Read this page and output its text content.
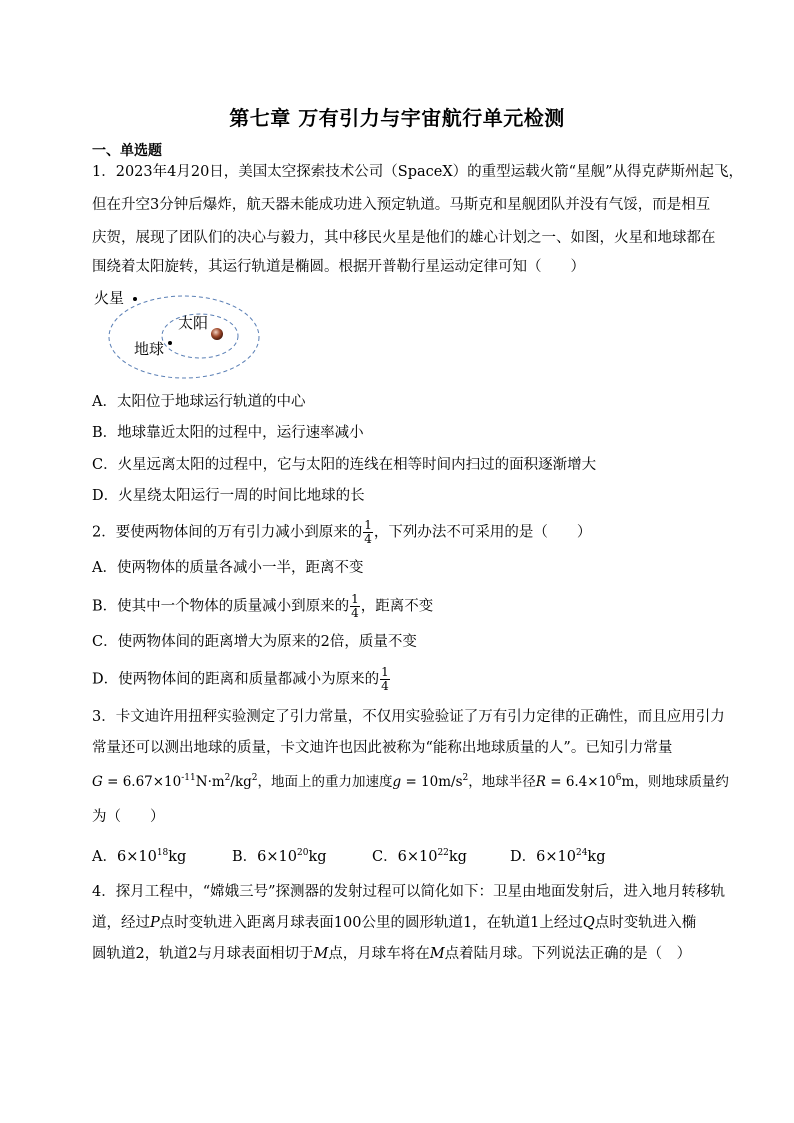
第七章 万有引力与宇宙航行单元检测
一、单选题
1．2023年4月20日，美国太空探索技术公司（SpaceX）的重型运载火箭“星舰”从得克萨斯州起飞，
但在升空3分钟后爆炸，航天器未能成功进入预定轨道。马斯克和星舰团队并没有气馁，而是相互
庆贺，展现了团队们的决心与毅力，其中移民火星是他们的雄心计划之一、如图，火星和地球都在
围绕着太阳旋转，其运行轨道是椭圆。根据开普勒行星运动定律可知（　　）
火星
太阳
地球
A．太阳位于地球运行轨道的中心
B．地球靠近太阳的过程中，运行速率减小
C．火星远离太阳的过程中，它与太阳的连线在相等时间内扫过的面积逐渐增大
D．火星绕太阳运行一周的时间比地球的长
2．要使两物体间的万有引力减小到原来的 $\frac{1}{4}$ ，下列办法不可采用的是（　　）
A．使两物体的质量各减小一半，距离不变
B．使其中一个物体的质量减小到原来的 $\frac{1}{4}$ ，距离不变
C．使两物体间的距离增大为原来的2倍，质量不变
D．使两物体间的距离和质量都减小为原来的 $\frac{1}{4}$
3．卡文迪许用扭秤实验测定了引力常量，不仅用实验验证了万有引力定律的正确性，而且应用引力
常量还可以测出地球的质量，卡文迪许也因此被称为“能称出地球质量的人”。已知引力常量
$G = 6.67\times 10^{-11}N\cdot m^2/kg^2$，地面上的重力加速度$g = 10m/s^2$，地球半径$R = 6.4\times 10^6m$，则地球质量约
为（　　）
A．$6\times 10^{18}kg$	B．$6\times 10^{20}kg$	C．$6\times 10^{22}kg$	D．$6\times 10^{24}kg$
4．探月工程中，“嫦娥三号”探测器的发射过程可以简化如下：卫星由地面发射后，进入地月转移轨
道，经过P点时变轨进入距离月球表面100公里的圆形轨道1，在轨道1上经过Q点时变轨进入椭
圆轨道2，轨道2与月球表面相切于M点，月球车将在M点着陆月球。下列说法正确的是（　）
